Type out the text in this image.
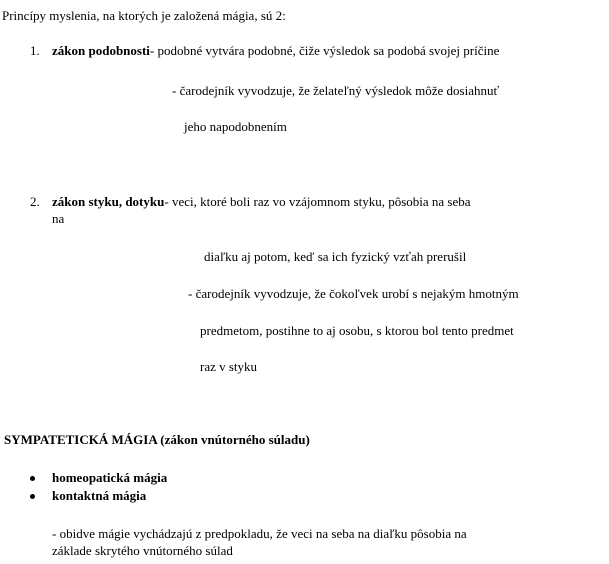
Princípy myslenia, na ktorých je založená mágia, sú 2:
1. zákon podobnosti- podobné vytvára podobné, čiže výsledok sa podobá svojej príčine
- čarodejník vyvodzuje, že želateľný výsledok môže dosiahnuť
jeho napodobnením
2. zákon styku, dotyku- veci, ktoré boli raz vo vzájomnom styku, pôsobia na seba
na
diaľku aj potom, keď sa ich fyzický vzťah prerušil
- čarodejník vyvodzuje, že čokoľvek urobí s nejakým hmotným
predmetom, postihne to aj osobu, s ktorou bol tento predmet
raz v styku
SYMPATETICKÁ MÁGIA (zákon vnútorného súladu)
homeopatická mágia
kontaktná mágia
- obidve mágie vychádzajú z predpokladu, že veci na seba na diaľku pôsobia na
základe skrytého vnútorného súlad
